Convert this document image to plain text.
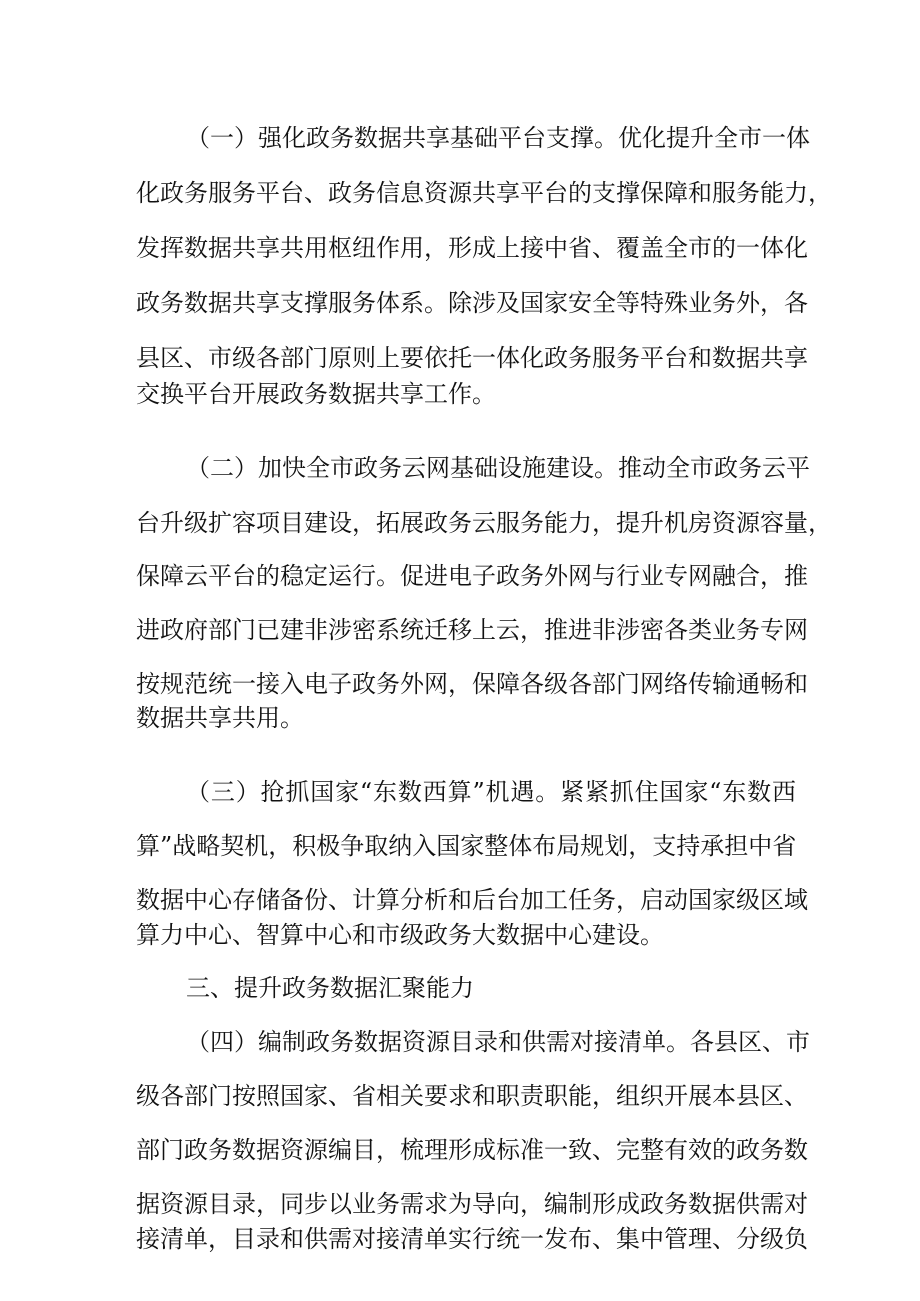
（一）强化政务数据共享基础平台支撑。优化提升全市一体
化政务服务平台、政务信息资源共享平台的支撑保障和服务能力，
发挥数据共享共用枢纽作用，形成上接中省、覆盖全市的一体化
政务数据共享支撑服务体系。除涉及国家安全等特殊业务外，各
县区、市级各部门原则上要依托一体化政务服务平台和数据共享
交换平台开展政务数据共享工作。
（二）加快全市政务云网基础设施建设。推动全市政务云平
台升级扩容项目建设，拓展政务云服务能力，提升机房资源容量，
保障云平台的稳定运行。促进电子政务外网与行业专网融合，推
进政府部门已建非涉密系统迁移上云，推进非涉密各类业务专网
按规范统一接入电子政务外网，保障各级各部门网络传输通畅和
数据共享共用。
（三）抢抓国家“东数西算”机遇。紧紧抓住国家“东数西
算”战略契机，积极争取纳入国家整体布局规划，支持承担中省
数据中心存储备份、计算分析和后台加工任务，启动国家级区域
算力中心、智算中心和市级政务大数据中心建设。
三、提升政务数据汇聚能力
（四）编制政务数据资源目录和供需对接清单。各县区、市
级各部门按照国家、省相关要求和职责职能，组织开展本县区、
部门政务数据资源编目，梳理形成标准一致、完整有效的政务数
据资源目录，同步以业务需求为导向，编制形成政务数据供需对
接清单，目录和供需对接清单实行统一发布、集中管理、分级负
